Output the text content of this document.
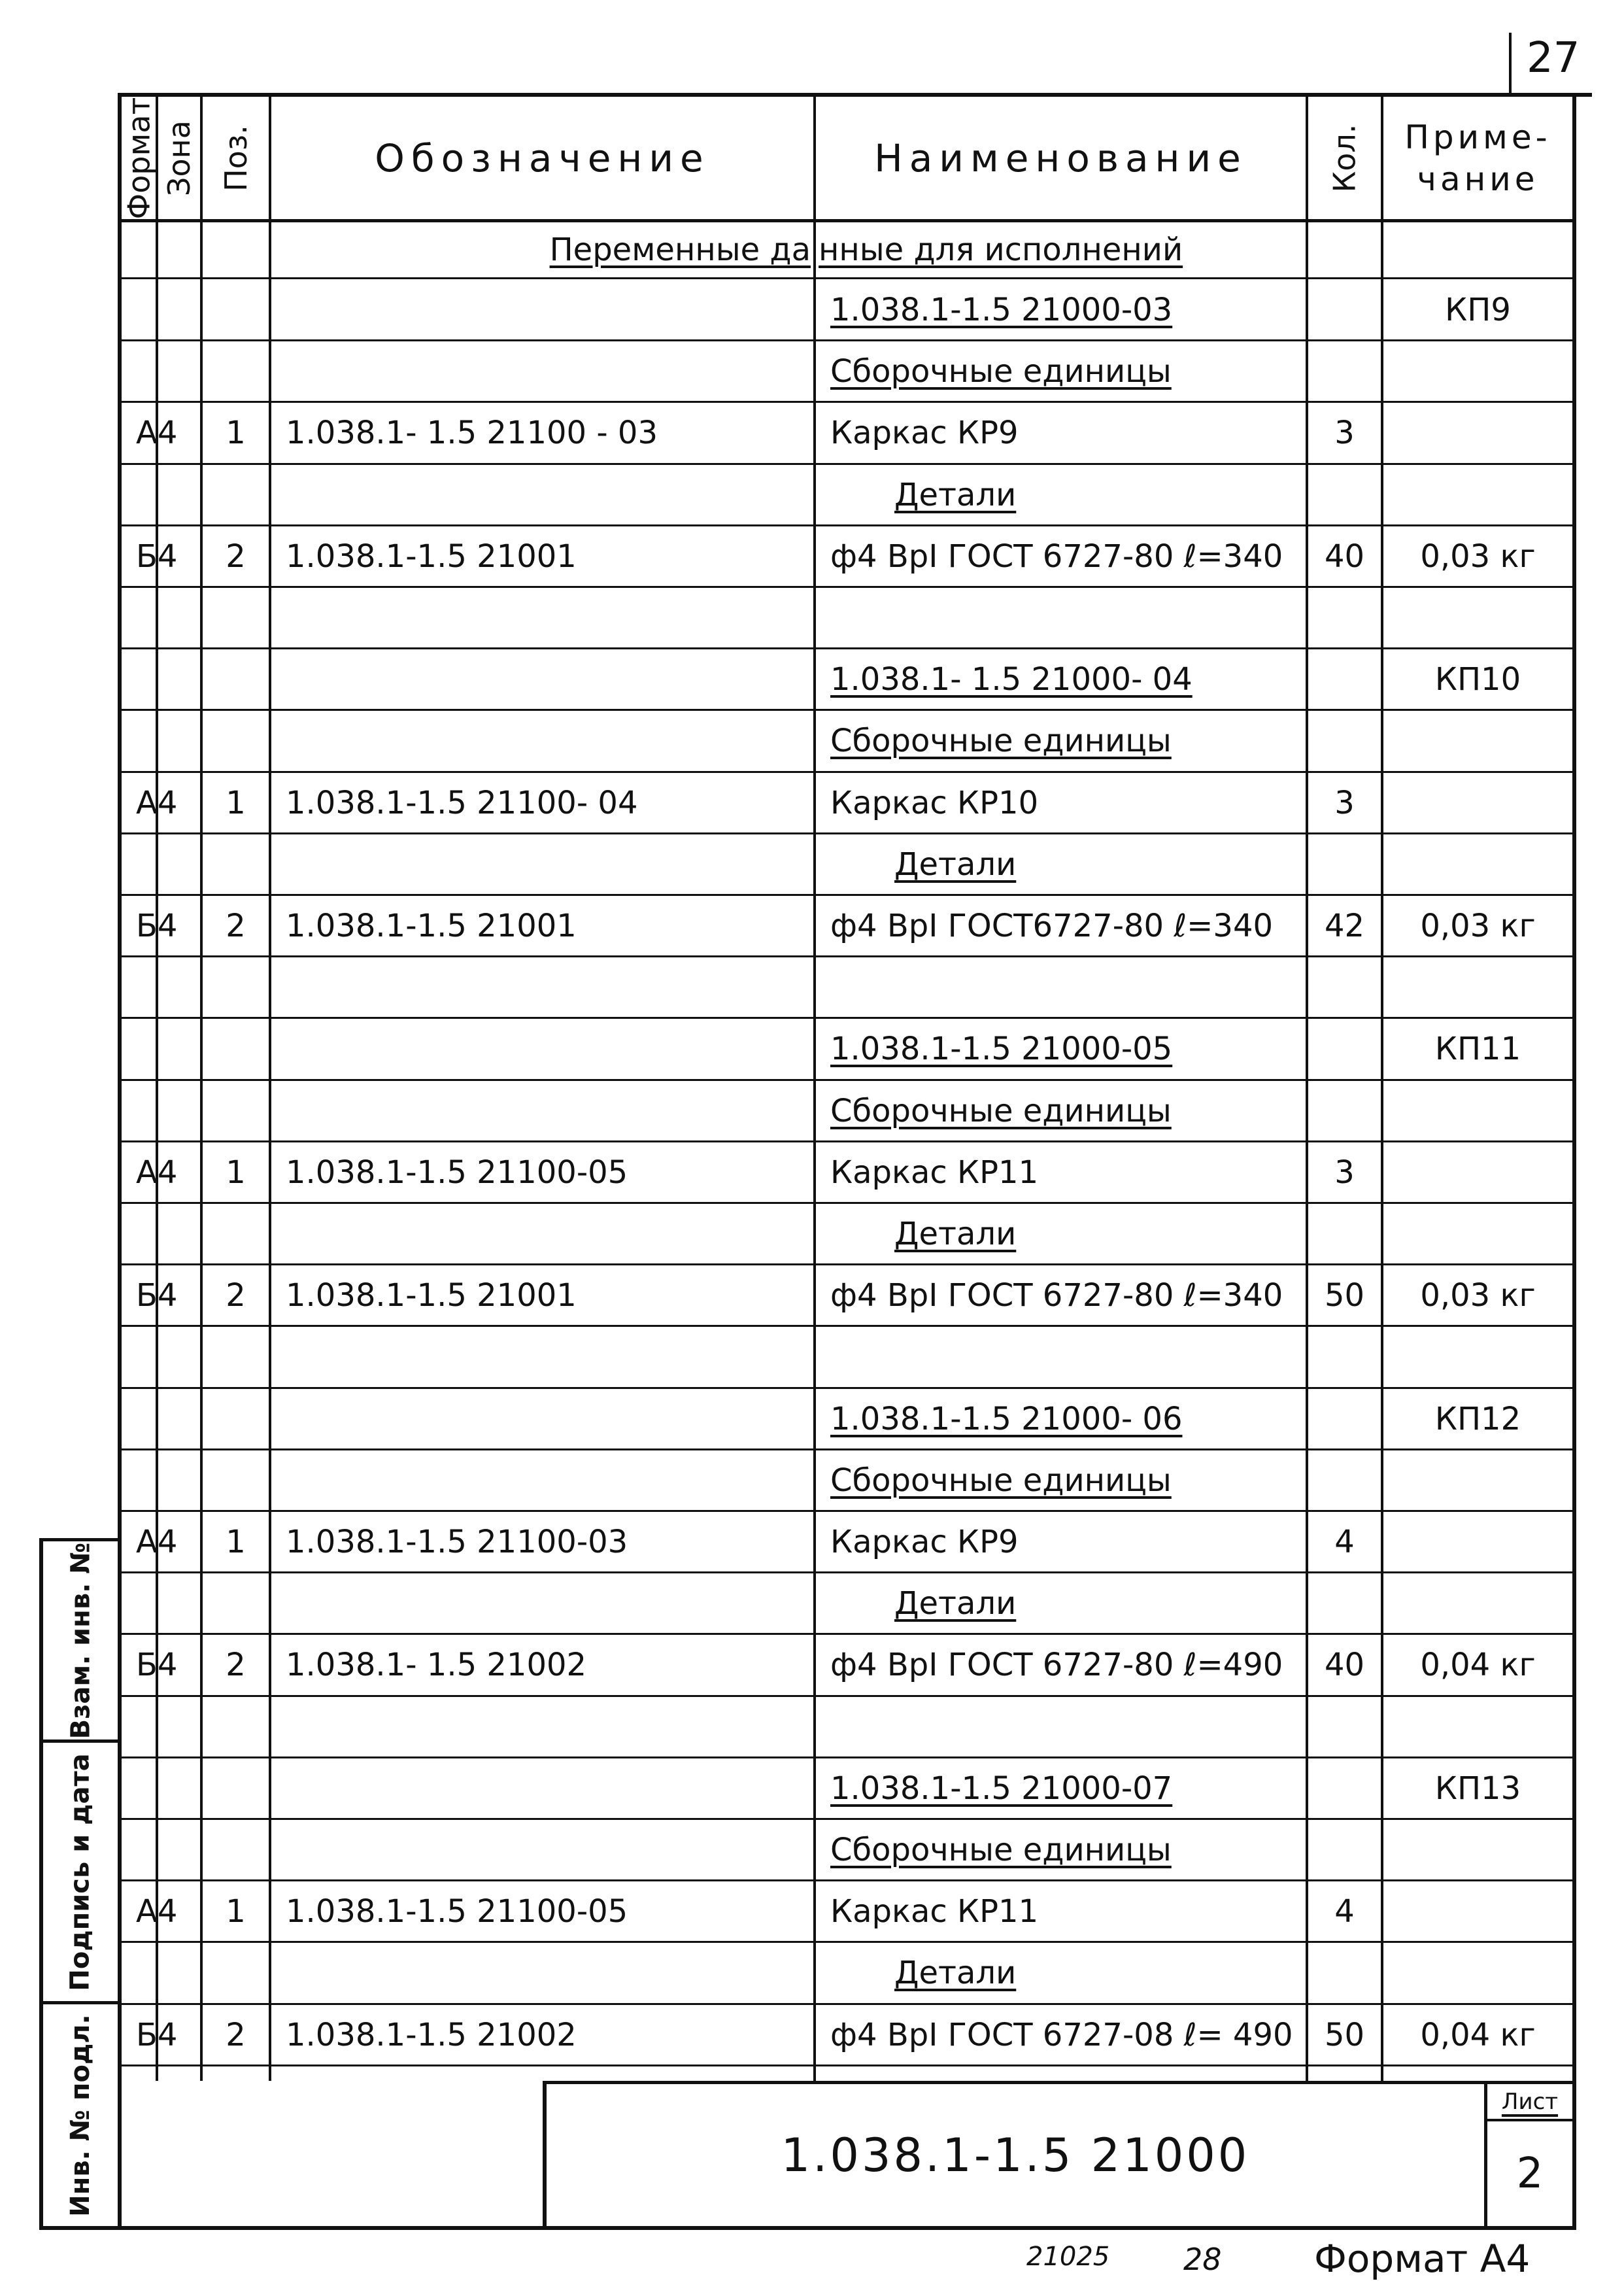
27
Формат Зона Поз.	Обозначение	Наименование	Кол.	Приме-
чание
Переменные да нные для исполнений
1.038.1-1.5 21000-03	КП9
Сборочные единицы
А4	1	1.038.1- 1.5 21100 - 03	Каркас КР9	3
Детали
Б4	2	1.038.1-1.5 21001	ф4 ВрI ГОСТ 6727-80 ℓ=340	40	0,03 кг
1.038.1- 1.5 21000- 04	КП10
Сборочные единицы
А4	1	1.038.1-1.5 21100- 04	Каркас КР10	3
Детали
Б4	2	1.038.1-1.5 21001	ф4 ВрI ГОСТ6727-80 ℓ=340	42	0,03 кг
1.038.1-1.5 21000-05	КП11
Сборочные единицы
А4	1	1.038.1-1.5 21100-05	Каркас КР11	3
Детали
Б4	2	1.038.1-1.5 21001	ф4 ВрI ГОСТ 6727-80 ℓ=340	50	0,03 кг
1.038.1-1.5 21000- 06	КП12
Сборочные единицы
А4	1	1.038.1-1.5 21100-03	Каркас КР9	4
Детали
Б4	2	1.038.1- 1.5 21002	ф4 ВрI ГОСТ 6727-80 ℓ=490	40	0,04 кг
1.038.1-1.5 21000-07	КП13
Сборочные единицы
А4	1	1.038.1-1.5 21100-05	Каркас КР11	4
Детали
Б4	2	1.038.1-1.5 21002	ф4 ВрI ГОСТ 6727-08 ℓ= 490	50	0,04 кг
1.038.1-1.5 21000
Лист
2
Взам. инв. №
Подпись и дата
Инв. № подл.
21025 28 Формат А4
